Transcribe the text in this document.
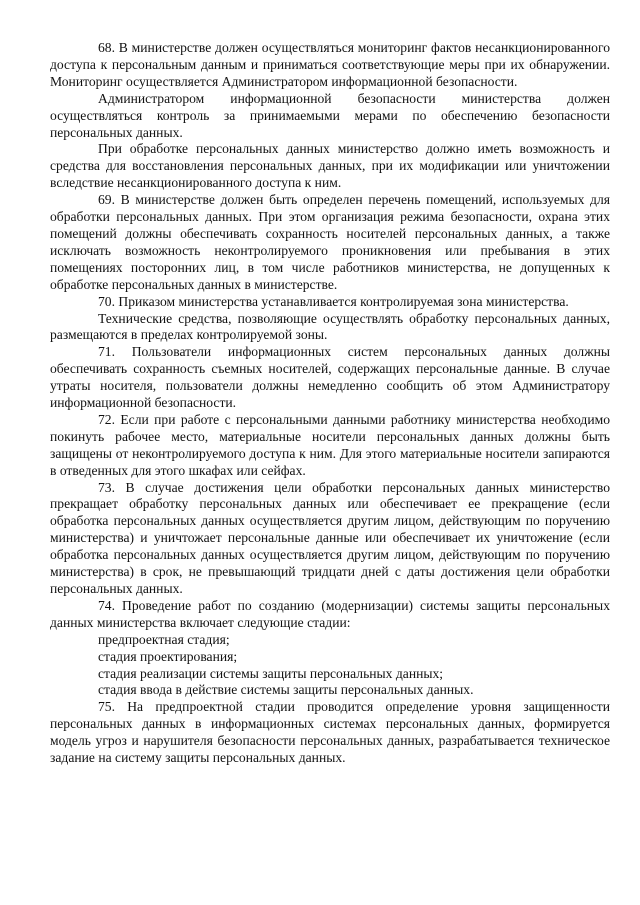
68. В министерстве должен осуществляться мониторинг фактов несанкционированного доступа к персональным данным и приниматься соответствующие меры при их обнаружении. Мониторинг осуществляется Администратором информационной безопасности.

Администратором информационной безопасности министерства должен осуществляться контроль за принимаемыми мерами по обеспечению безопасности персональных данных.

При обработке персональных данных министерство должно иметь возможность и средства для восстановления персональных данных, при их модификации или уничтожении вследствие несанкционированного доступа к ним.

69. В министерстве должен быть определен перечень помещений, используемых для обработки персональных данных. При этом организация режима безопасности, охрана этих помещений должны обеспечивать сохранность носителей персональных данных, а также исключать возможность неконтролируемого проникновения или пребывания в этих помещениях посторонних лиц, в том числе работников министерства, не допущенных к обработке персональных данных в министерстве.

70. Приказом министерства устанавливается контролируемая зона министерства.

Технические средства, позволяющие осуществлять обработку персональных данных, размещаются в пределах контролируемой зоны.

71. Пользователи информационных систем персональных данных должны обеспечивать сохранность съемных носителей, содержащих персональные данные. В случае утраты носителя, пользователи должны немедленно сообщить об этом Администратору информационной безопасности.

72. Если при работе с персональными данными работнику министерства необходимо покинуть рабочее место, материальные носители персональных данных должны быть защищены от неконтролируемого доступа к ним. Для этого материальные носители запираются в отведенных для этого шкафах или сейфах.

73. В случае достижения цели обработки персональных данных министерство прекращает обработку персональных данных или обеспечивает ее прекращение (если обработка персональных данных осуществляется другим лицом, действующим по поручению министерства) и уничтожает персональные данные или обеспечивает их уничтожение (если обработка персональных данных осуществляется другим лицом, действующим по поручению министерства) в срок, не превышающий тридцати дней с даты достижения цели обработки персональных данных.

74. Проведение работ по созданию (модернизации) системы защиты персональных данных министерства включает следующие стадии:

предпроектная стадия;

стадия проектирования;

стадия реализации системы защиты персональных данных;

стадия ввода в действие системы защиты персональных данных.

75. На предпроектной стадии проводится определение уровня защищенности персональных данных в информационных системах персональных данных, формируется модель угроз и нарушителя безопасности персональных данных, разрабатывается техническое задание на систему защиты персональных данных.
